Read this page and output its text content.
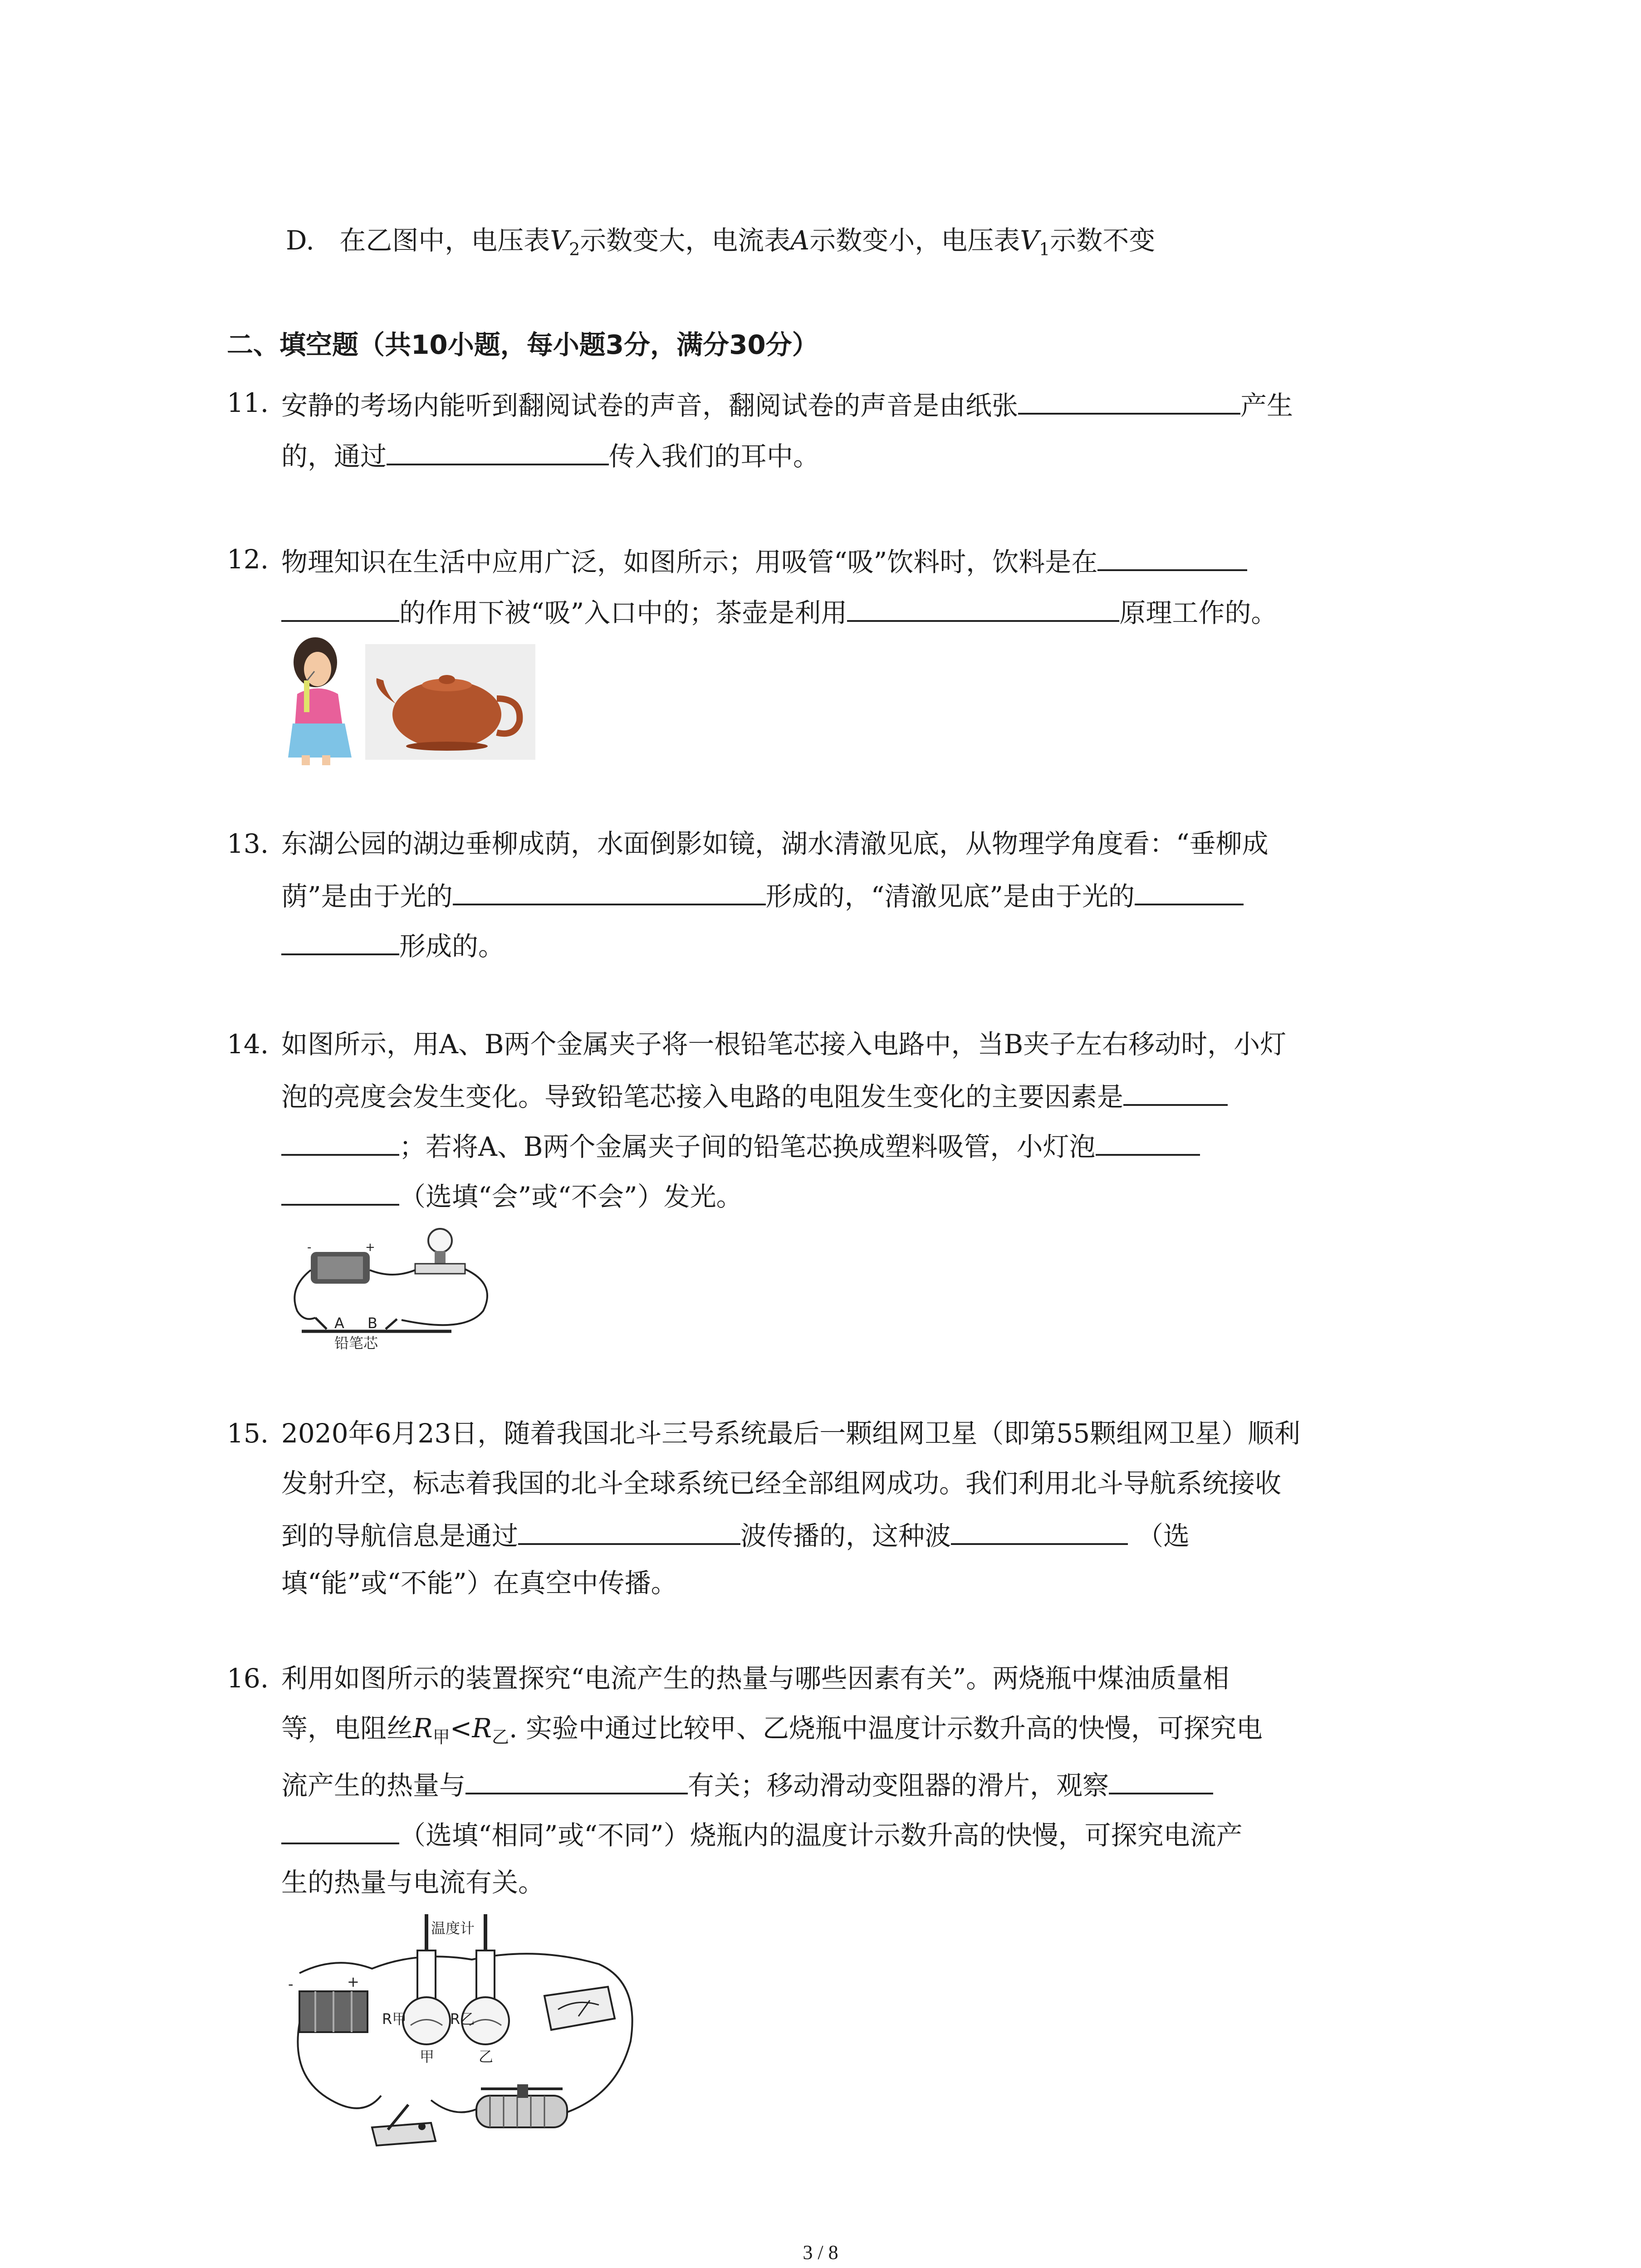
D. 在乙图中，电压表$V_2$示数变大，电流表A示数变小，电压表$V_1$示数不变
二、填空题（共10小题，每小题3分，满分30分）
11. 安静的考场内能听到翻阅试卷的声音，翻阅试卷的声音是由纸张	产生
的，通过	传入我们的耳中。
12. 物理知识在生活中应用广泛，如图所示；用吸管“吸”饮料时，饮料是在
的作用下被“吸”入口中的；茶壶是利用	原理工作的。
13. 东湖公园的湖边垂柳成荫，水面倒影如镜，湖水清澈见底，从物理学角度看：“垂柳成
荫”是由于光的	形成的，“清澈见底”是由于光的
形成的。
14. 如图所示，用A、B两个金属夹子将一根铅笔芯接入电路中，当B夹子左右移动时，小灯
泡的亮度会发生变化。导致铅笔芯接入电路的电阻发生变化的主要因素是
；若将A、B两个金属夹子间的铅笔芯换成塑料吸管，小灯泡
（选填“会”或“不会”）发光。
-	+
A B
铅笔芯
15. 2020年6月23日，随着我国北斗三号系统最后一颗组网卫星（即第55颗组网卫星）顺利
发射升空，标志着我国的北斗全球系统已经全部组网成功。我们利用北斗导航系统接收
到的导航信息是通过	波传播的，这种波	（选
填“能”或“不能”）在真空中传播。
16. 利用如图所示的装置探究“电流产生的热量与哪些因素有关”。两烧瓶中煤油质量相
等，电阻丝$R_甲<R_乙$. 实验中通过比较甲、乙烧瓶中温度计示数升高的快慢，可探究电
流产生的热量与	有关；移动滑动变阻器的滑片，观察
（选填“相同”或“不同”）烧瓶内的温度计示数升高的快慢，可探究电流产
生的热量与电流有关。
-	+
温度计
R甲
甲
R乙
乙
3 / 8
